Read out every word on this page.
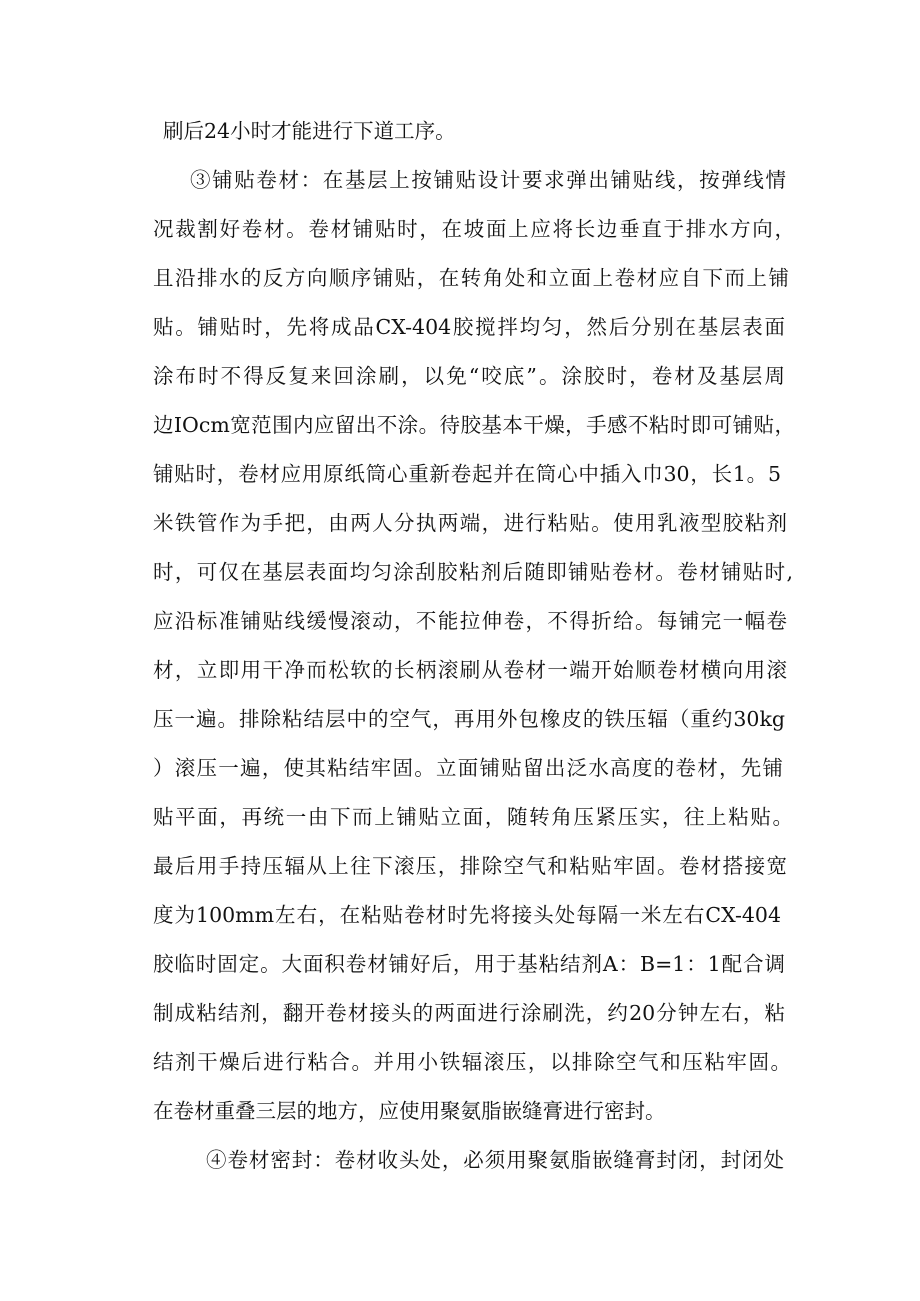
刷后24小时才能进行下道工序。
③铺贴卷材：在基层上按铺贴设计要求弹出铺贴线，按弹线情
况裁割好卷材。卷材铺贴时，在坡面上应将长边垂直于排水方向，
且沿排水的反方向顺序铺贴，在转角处和立面上卷材应自下而上铺
贴。铺贴时，先将成品CX-404胶搅拌均匀，然后分别在基层表面
涂布时不得反复来回涂刷，以免“咬底”。涂胶时，卷材及基层周
边IOcm宽范围内应留出不涂。待胶基本干燥，手感不粘时即可铺贴，
铺贴时，卷材应用原纸筒心重新卷起并在筒心中插入巾30，长1。5
米铁管作为手把，由两人分执两端，进行粘贴。使用乳液型胶粘剂
时，可仅在基层表面均匀涂刮胶粘剂后随即铺贴卷材。卷材铺贴时,
应沿标准铺贴线缓慢滚动，不能拉伸卷，不得折给。每铺完一幅卷
材，立即用干净而松软的长柄滚刷从卷材一端开始顺卷材横向用滚
压一遍。排除粘结层中的空气，再用外包橡皮的铁压辐（重约30kg
）滚压一遍，使其粘结牢固。立面铺贴留出泛水高度的卷材，先铺
贴平面，再统一由下而上铺贴立面，随转角压紧压实，往上粘贴。
最后用手持压辐从上往下滚压，排除空气和粘贴牢固。卷材搭接宽
度为100mm左右，在粘贴卷材时先将接头处每隔一米左右CX-404
胶临时固定。大面积卷材铺好后，用于基粘结剂A：B=1：1配合调
制成粘结剂，翻开卷材接头的两面进行涂刷洗，约20分钟左右，粘
结剂干燥后进行粘合。并用小铁辐滚压，以排除空气和压粘牢固。
在卷材重叠三层的地方，应使用聚氨脂嵌缝膏进行密封。
④卷材密封：卷材收头处，必须用聚氨脂嵌缝膏封闭，封闭处
